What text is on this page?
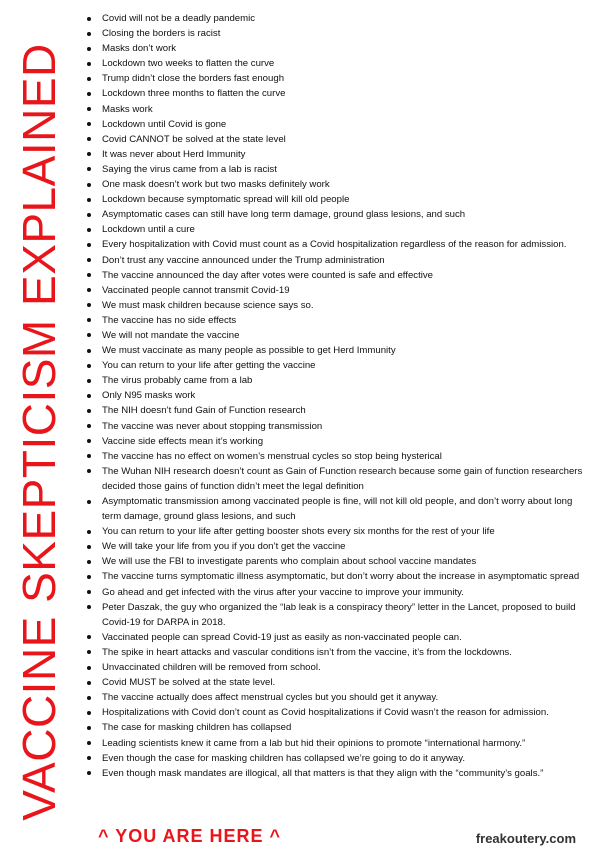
VACCINE SKEPTICISM EXPLAINED
Covid will not be a deadly pandemic
Closing the borders is racist
Masks don’t work
Lockdown two weeks to flatten the curve
Trump didn’t close the borders fast enough
Lockdown three months to flatten the curve
Masks work
Lockdown until Covid is gone
Covid CANNOT be solved at the state level
It was never about Herd Immunity
Saying the virus came from a lab is racist
One mask doesn’t work but two masks definitely work
Lockdown because symptomatic spread will kill old people
Asymptomatic cases can still have long term damage, ground glass lesions, and such
Lockdown until a cure
Every hospitalization with Covid must count as a Covid hospitalization regardless of the reason for admission.
Don’t trust any vaccine announced under the Trump administration
The vaccine announced the day after votes were counted is safe and effective
Vaccinated people cannot transmit Covid-19
We must mask children because science says so.
The vaccine has no side effects
We will not mandate the vaccine
We must vaccinate as many people as possible to get Herd Immunity
You can return to your life after getting the vaccine
The virus probably came from a lab
Only N95 masks work
The NIH doesn’t fund Gain of Function research
The vaccine was never about stopping transmission
Vaccine side effects mean it’s working
The vaccine has no effect on women’s menstrual cycles so stop being hysterical
The Wuhan NIH research doesn’t count as Gain of Function research because some gain of function researchers decided those gains of function didn’t meet the legal definition
Asymptomatic transmission among vaccinated people is fine, will not kill old people, and don’t worry about long term damage, ground glass lesions, and such
You can return to your life after getting booster shots every six months for the rest of your life
We will take your life from you if you don’t get the vaccine
We will use the FBI to investigate parents who complain about school vaccine mandates
The vaccine turns symptomatic illness asymptomatic, but don’t worry about the increase in asymptomatic spread
Go ahead and get infected with the virus after your vaccine to improve your immunity.
Peter Daszak, the guy who organized the “lab leak is a conspiracy theory” letter in the Lancet, proposed to build Covid-19 for DARPA in 2018.
Vaccinated people can spread Covid-19 just as easily as non-vaccinated people can.
The spike in heart attacks and vascular conditions isn’t from the vaccine, it’s from the lockdowns.
Unvaccinated children will be removed from school.
Covid MUST be solved at the state level.
The vaccine actually does affect menstrual cycles but you should get it anyway.
Hospitalizations with Covid don’t count as Covid hospitalizations if Covid wasn’t the reason for admission.
The case for masking children has collapsed
Leading scientists knew it came from a lab but hid their opinions to promote “international harmony.”
Even though the case for masking children has collapsed we’re going to do it anyway.
Even though mask mandates are illogical, all that matters is that they align with the “community’s goals.”
^ YOU ARE HERE ^	freakoutery.com
